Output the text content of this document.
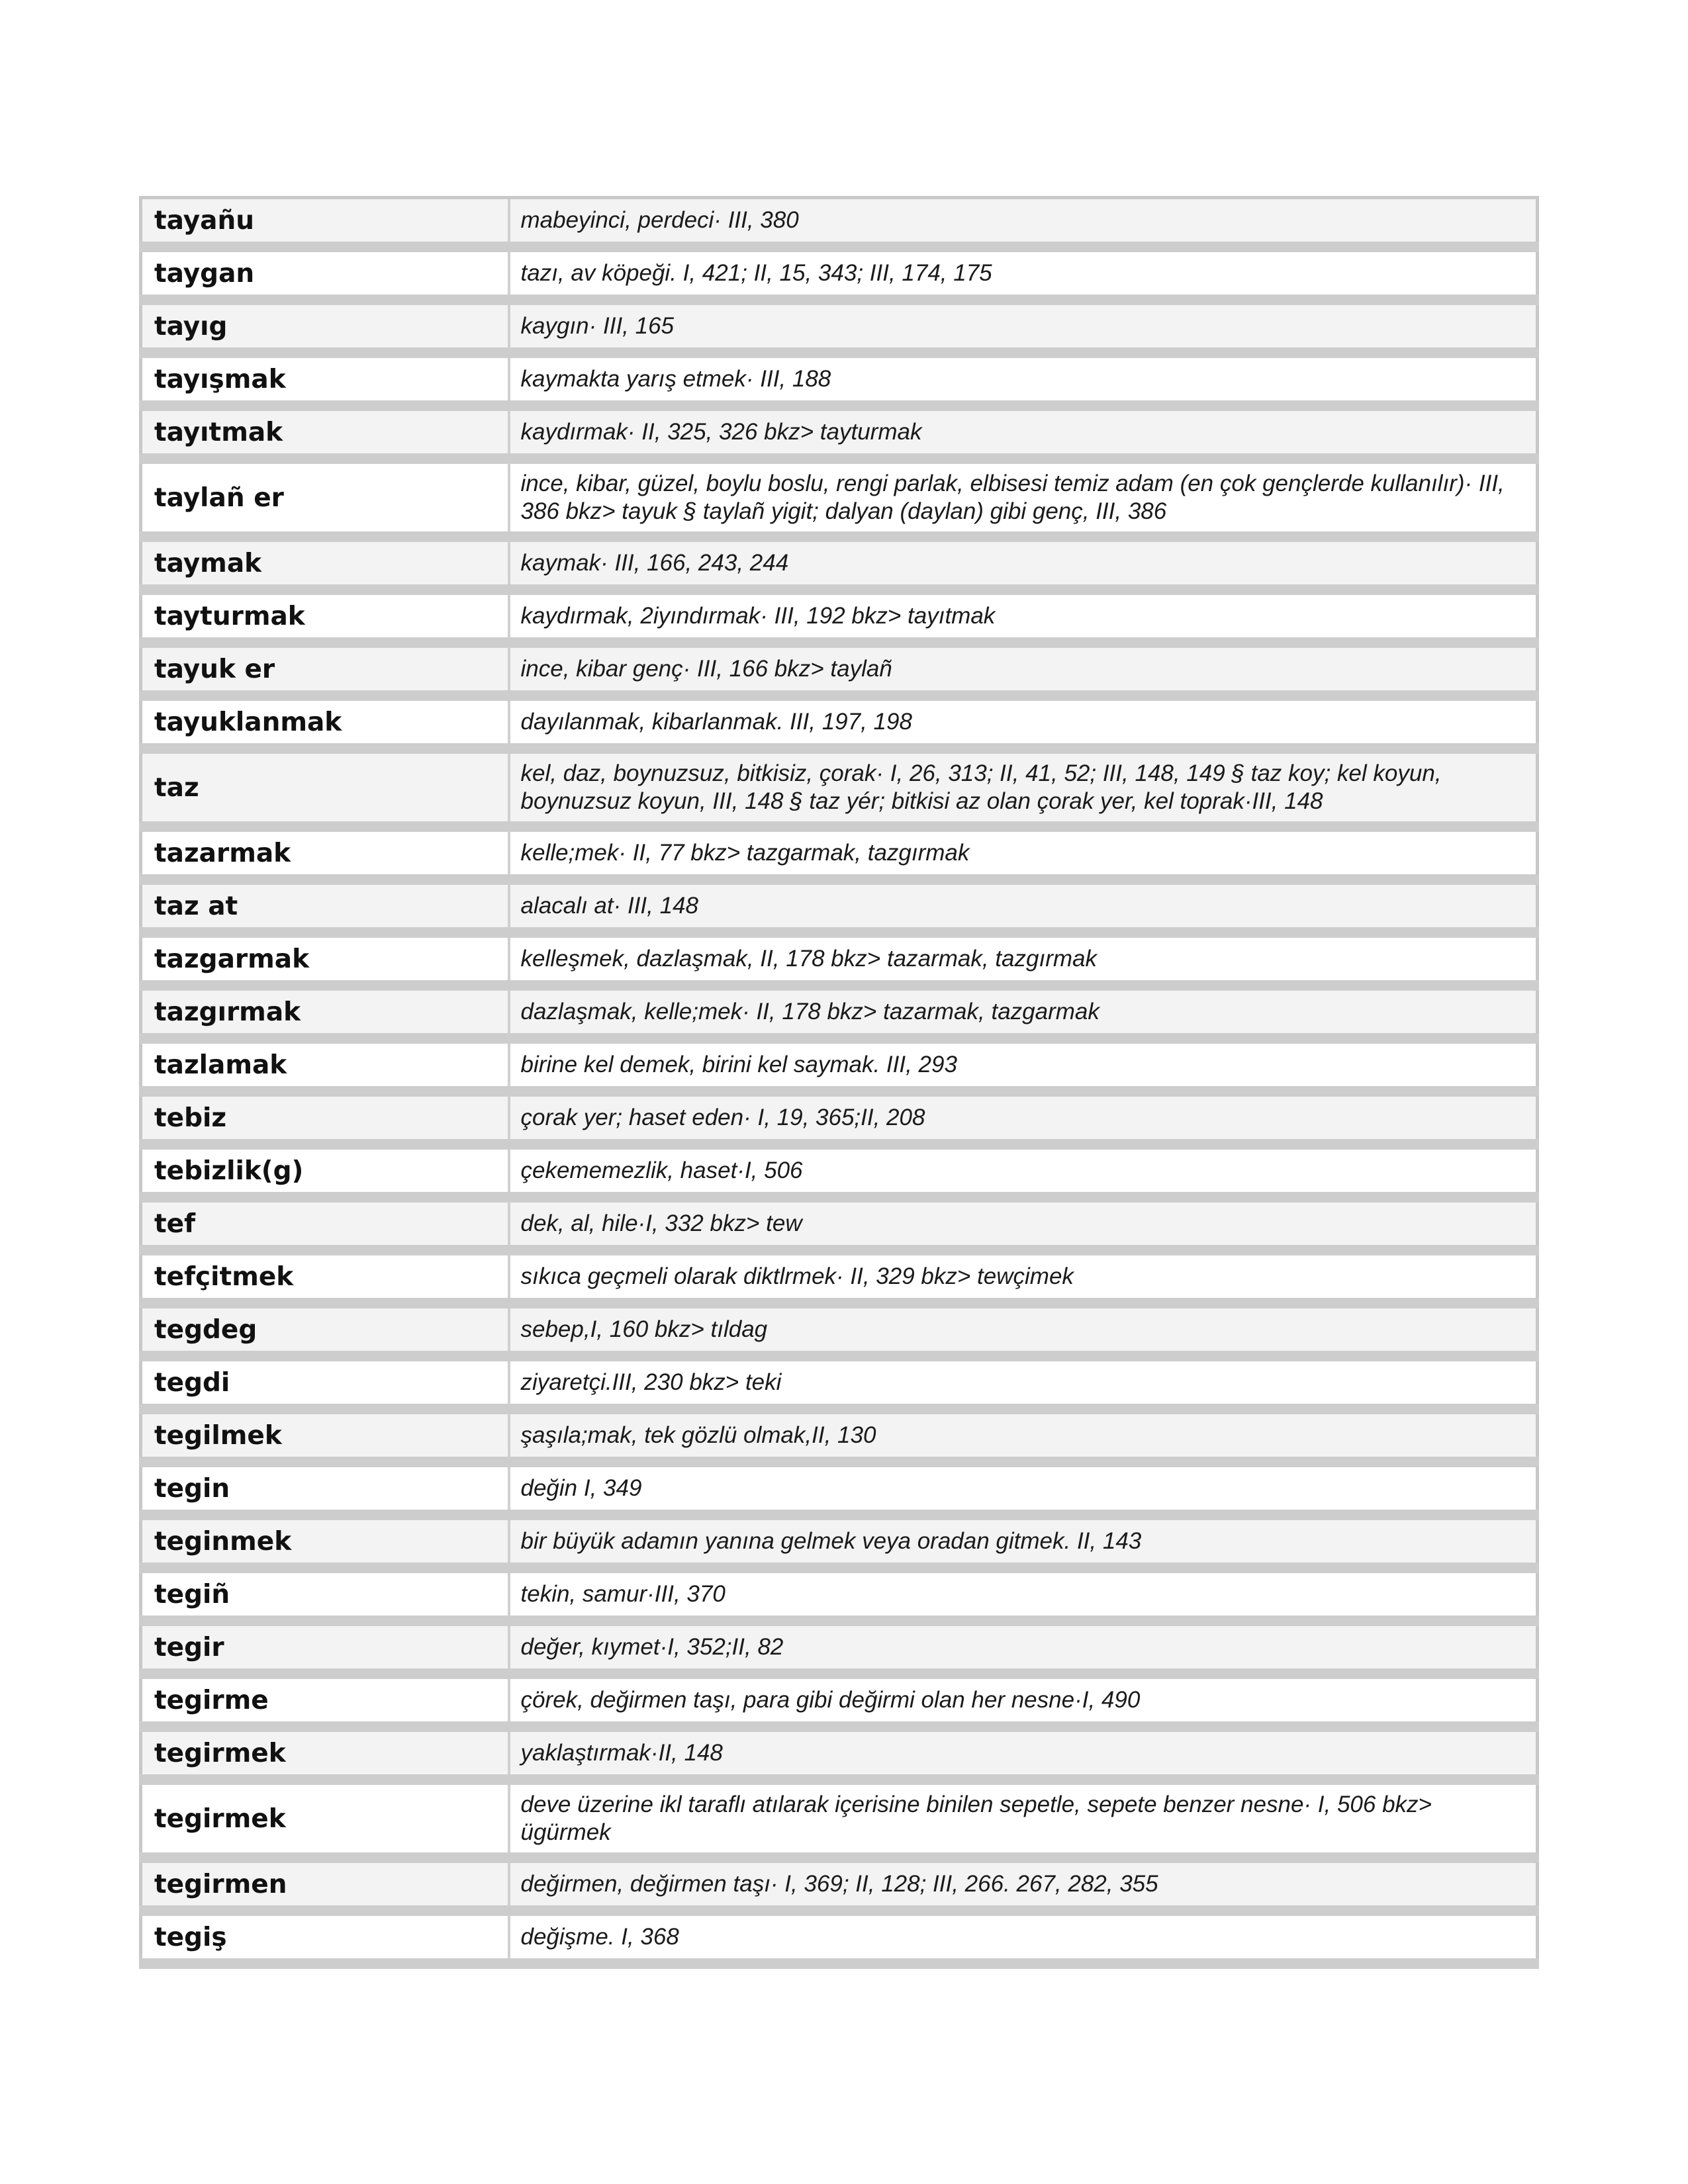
tayañu	mabeyinci, perdeci· III, 380
taygan	tazı, av köpeği. I, 421; II, 15, 343; III, 174, 175
tayıg	kaygın· III, 165
tayışmak	kaymakta yarış etmek· III, 188
tayıtmak	kaydırmak· II, 325, 326 bkz> tayturmak
taylañ er	ince, kibar, güzel, boylu boslu, rengi parlak, elbisesi temiz adam (en çok gençlerde kullanılır)· III, 386 bkz> tayuk § taylañ yigit; dalyan (daylan) gibi genç, III, 386
taymak	kaymak· III, 166, 243, 244
tayturmak	kaydırmak, 2iyındırmak· III, 192 bkz> tayıtmak
tayuk er	ince, kibar genç· III, 166 bkz> taylañ
tayuklanmak	dayılanmak, kibarlanmak. III, 197, 198
taz	kel, daz, boynuzsuz, bitkisiz, çorak· I, 26, 313; II, 41, 52; III, 148, 149 § taz koy; kel koyun, boynuzsuz koyun, III, 148 § taz yér; bitkisi az olan çorak yer, kel toprak·III, 148
tazarmak	kelle;mek· II, 77 bkz> tazgarmak, tazgırmak
taz at	alacalı at· III, 148
tazgarmak	kelleşmek, dazlaşmak, II, 178 bkz> tazarmak, tazgırmak
tazgırmak	dazlaşmak, kelle;mek· II, 178 bkz> tazarmak, tazgarmak
tazlamak	birine kel demek, birini kel saymak. III, 293
tebiz	çorak yer; haset eden· I, 19, 365;II, 208
tebizlik(g)	çekememezlik, haset·I, 506
tef	dek, al, hile·I, 332 bkz> tew
tefçitmek	sıkıca geçmeli olarak diktlrmek· II, 329 bkz> tewçimek
tegdeg	sebep,I, 160 bkz> tıldag
tegdi	ziyaretçi.III, 230 bkz> teki
tegilmek	şaşıla;mak, tek gözlü olmak,II, 130
tegin	değin I, 349
teginmek	bir büyük adamın yanına gelmek veya oradan gitmek. II, 143
tegiñ	tekin, samur·III, 370
tegir	değer, kıymet·I, 352;II, 82
tegirme	çörek, değirmen taşı, para gibi değirmi olan her nesne·I, 490
tegirmek	yaklaştırmak·II, 148
tegirmek	deve üzerine ikl taraflı atılarak içerisine binilen sepetle, sepete benzer nesne· I, 506 bkz> ügürmek
tegirmen	değirmen, değirmen taşı· I, 369; II, 128; III, 266. 267, 282, 355
tegiş	değişme. I, 368
